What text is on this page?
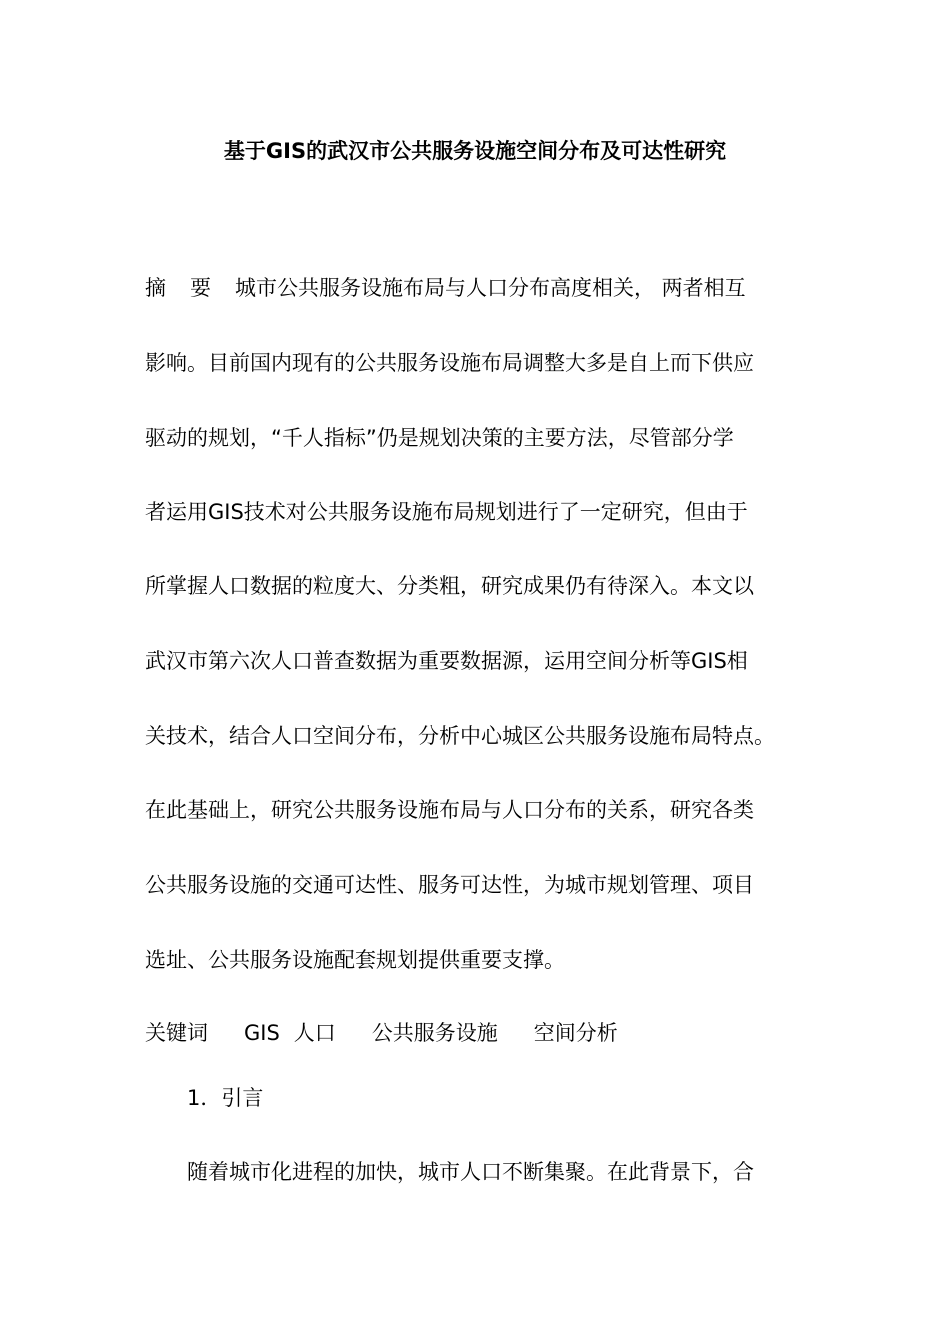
基于GIS的武汉市公共服务设施空间分布及可达性研究
摘 要 城市公共服务设施布局与人口分布高度相关， 两者相互
影响。目前国内现有的公共服务设施布局调整大多是自上而下供应
驱动的规划，“千人指标”仍是规划决策的主要方法，尽管部分学
者运用GIS技术对公共服务设施布局规划进行了一定研究，但由于
所掌握人口数据的粒度大、分类粗，研究成果仍有待深入。本文以
武汉市第六次人口普查数据为重要数据源，运用空间分析等GIS相
关技术，结合人口空间分布，分析中心城区公共服务设施布局特点。
在此基础上，研究公共服务设施布局与人口分布的关系，研究各类
公共服务设施的交通可达性、服务可达性，为城市规划管理、项目
选址、公共服务设施配套规划提供重要支撑。
关键词 GIS 人口 公共服务设施 空间分析
1．引言
随着城市化进程的加快，城市人口不断集聚。在此背景下，合
